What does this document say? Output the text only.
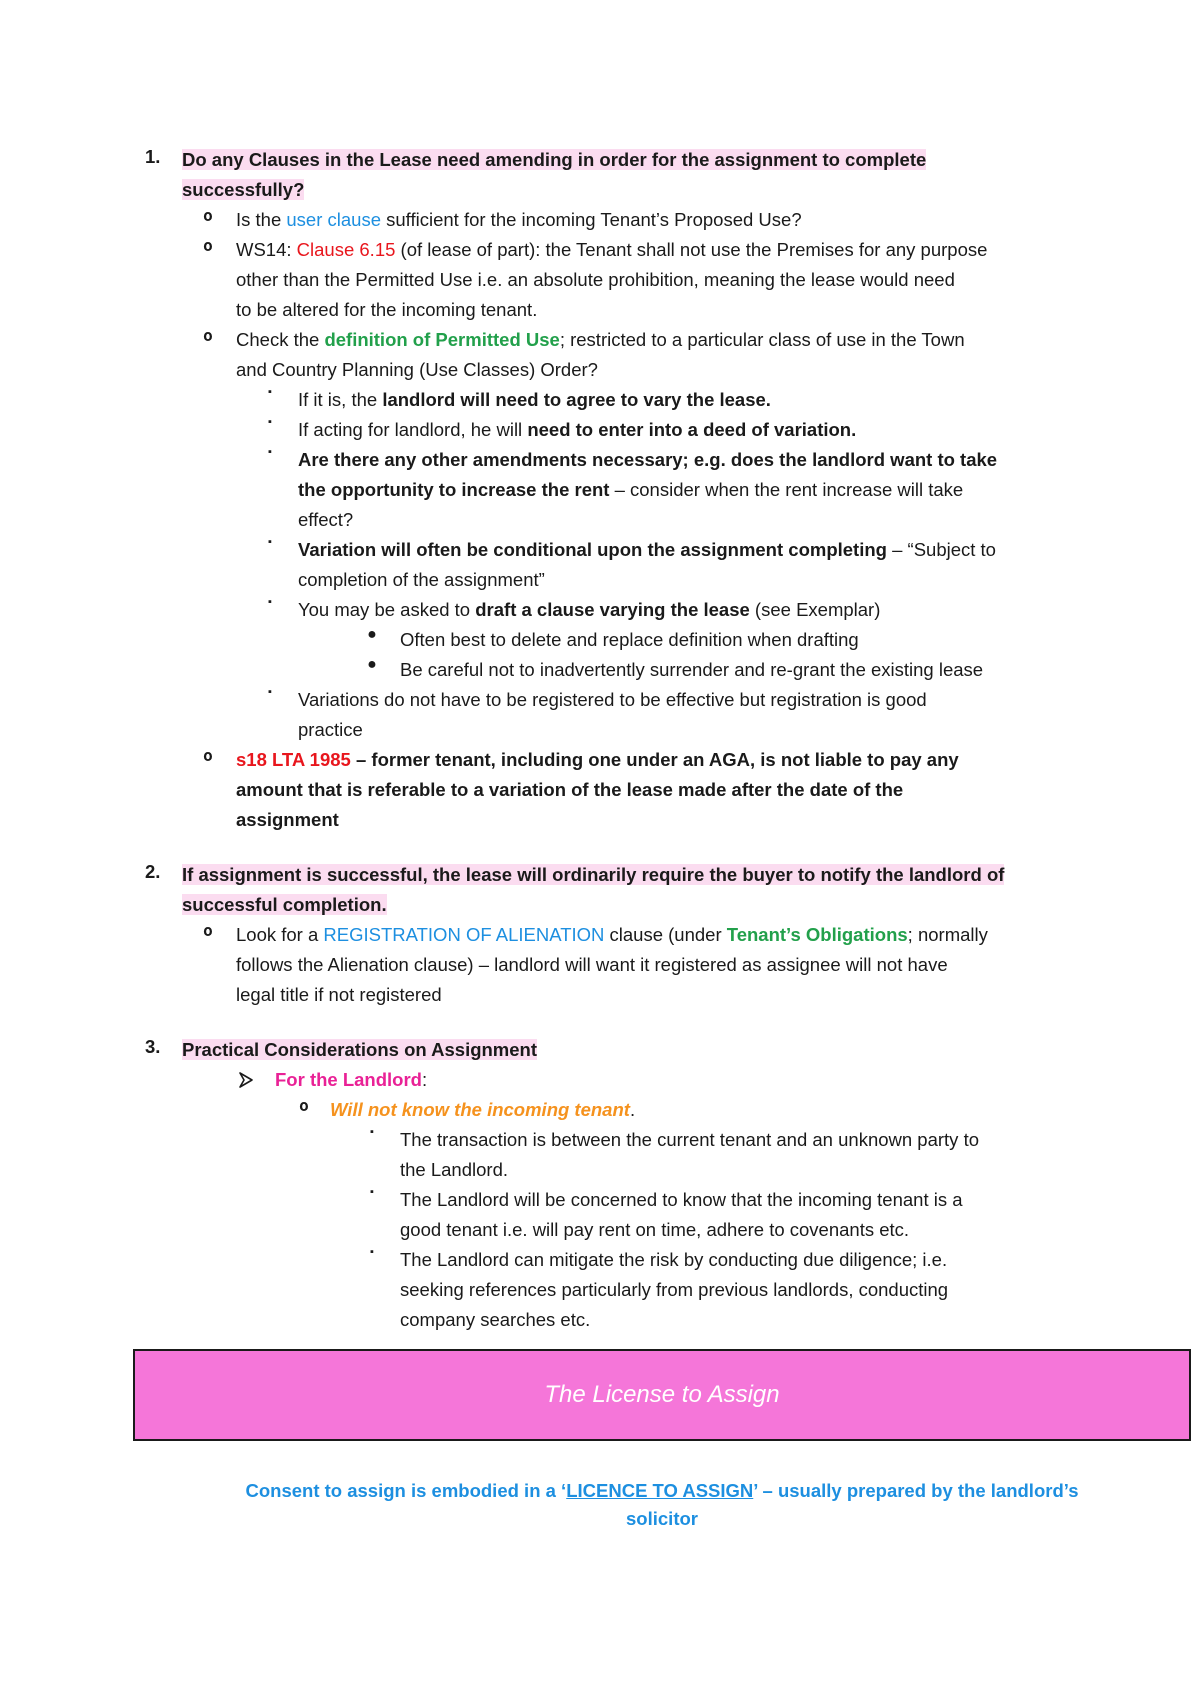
1.	Do any Clauses in the Lease need amending in order for the assignment to complete
successfully?
o Is the user clause sufficient for the incoming Tenant’s Proposed Use?
o WS14: Clause 6.15 (of lease of part): the Tenant shall not use the Premises for any purpose
other than the Permitted Use i.e. an absolute prohibition, meaning the lease would need
to be altered for the incoming tenant.
o Check the definition of Permitted Use; restricted to a particular class of use in the Town
and Country Planning (Use Classes) Order?
▪	If it is, the landlord will need to agree to vary the lease.
▪	If acting for landlord, he will need to enter into a deed of variation.
▪	Are there any other amendments necessary; e.g. does the landlord want to take
the opportunity to increase the rent – consider when the rent increase will take
effect?
▪	Variation will often be conditional upon the assignment completing – “Subject to
completion of the assignment”
▪	You may be asked to draft a clause varying the lease (see Exemplar)
● Often best to delete and replace definition when drafting
● Be careful not to inadvertently surrender and re-grant the existing lease
▪	Variations do not have to be registered to be effective but registration is good
practice
o s18 LTA 1985 – former tenant, including one under an AGA, is not liable to pay any
amount that is referable to a variation of the lease made after the date of the
assignment
2.	If assignment is successful, the lease will ordinarily require the buyer to notify the landlord of
successful completion.
o Look for a REGISTRATION OF ALIENATION clause (under Tenant’s Obligations; normally
follows the Alienation clause) – landlord will want it registered as assignee will not have
legal title if not registered
3.	Practical Considerations on Assignment
For the Landlord:
o Will not know the incoming tenant.
▪	The transaction is between the current tenant and an unknown party to
the Landlord.
▪	The Landlord will be concerned to know that the incoming tenant is a
good tenant i.e. will pay rent on time, adhere to covenants etc.
▪	The Landlord can mitigate the risk by conducting due diligence; i.e.
seeking references particularly from previous landlords, conducting
company searches etc.
The License to Assign
Consent to assign is embodied in a ‘LICENCE TO ASSIGN’ – usually prepared by the landlord’s
solicitor
